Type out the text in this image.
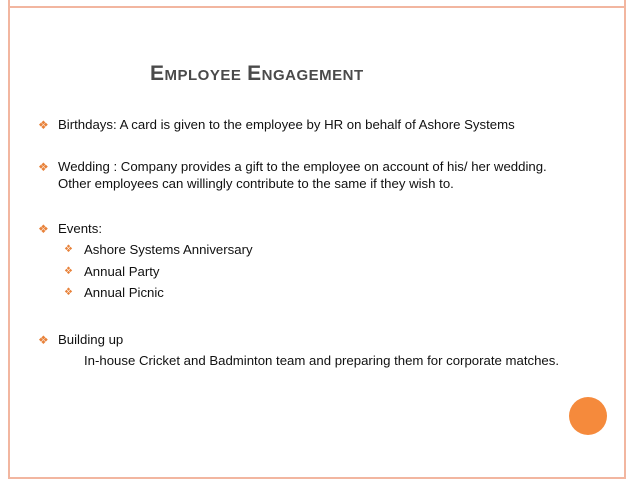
EMPLOYEE ENGAGEMENT
❖ Birthdays: A card is given to the employee by HR on behalf of Ashore Systems
❖ Wedding : Company provides a gift to the employee on account of his/ her wedding.
Other employees can willingly contribute to the same if they wish to.
❖ Events:
❖ Ashore Systems Anniversary
❖ Annual Party
❖ Annual Picnic
❖ Building up
In-house Cricket and Badminton team and preparing them for corporate matches.
